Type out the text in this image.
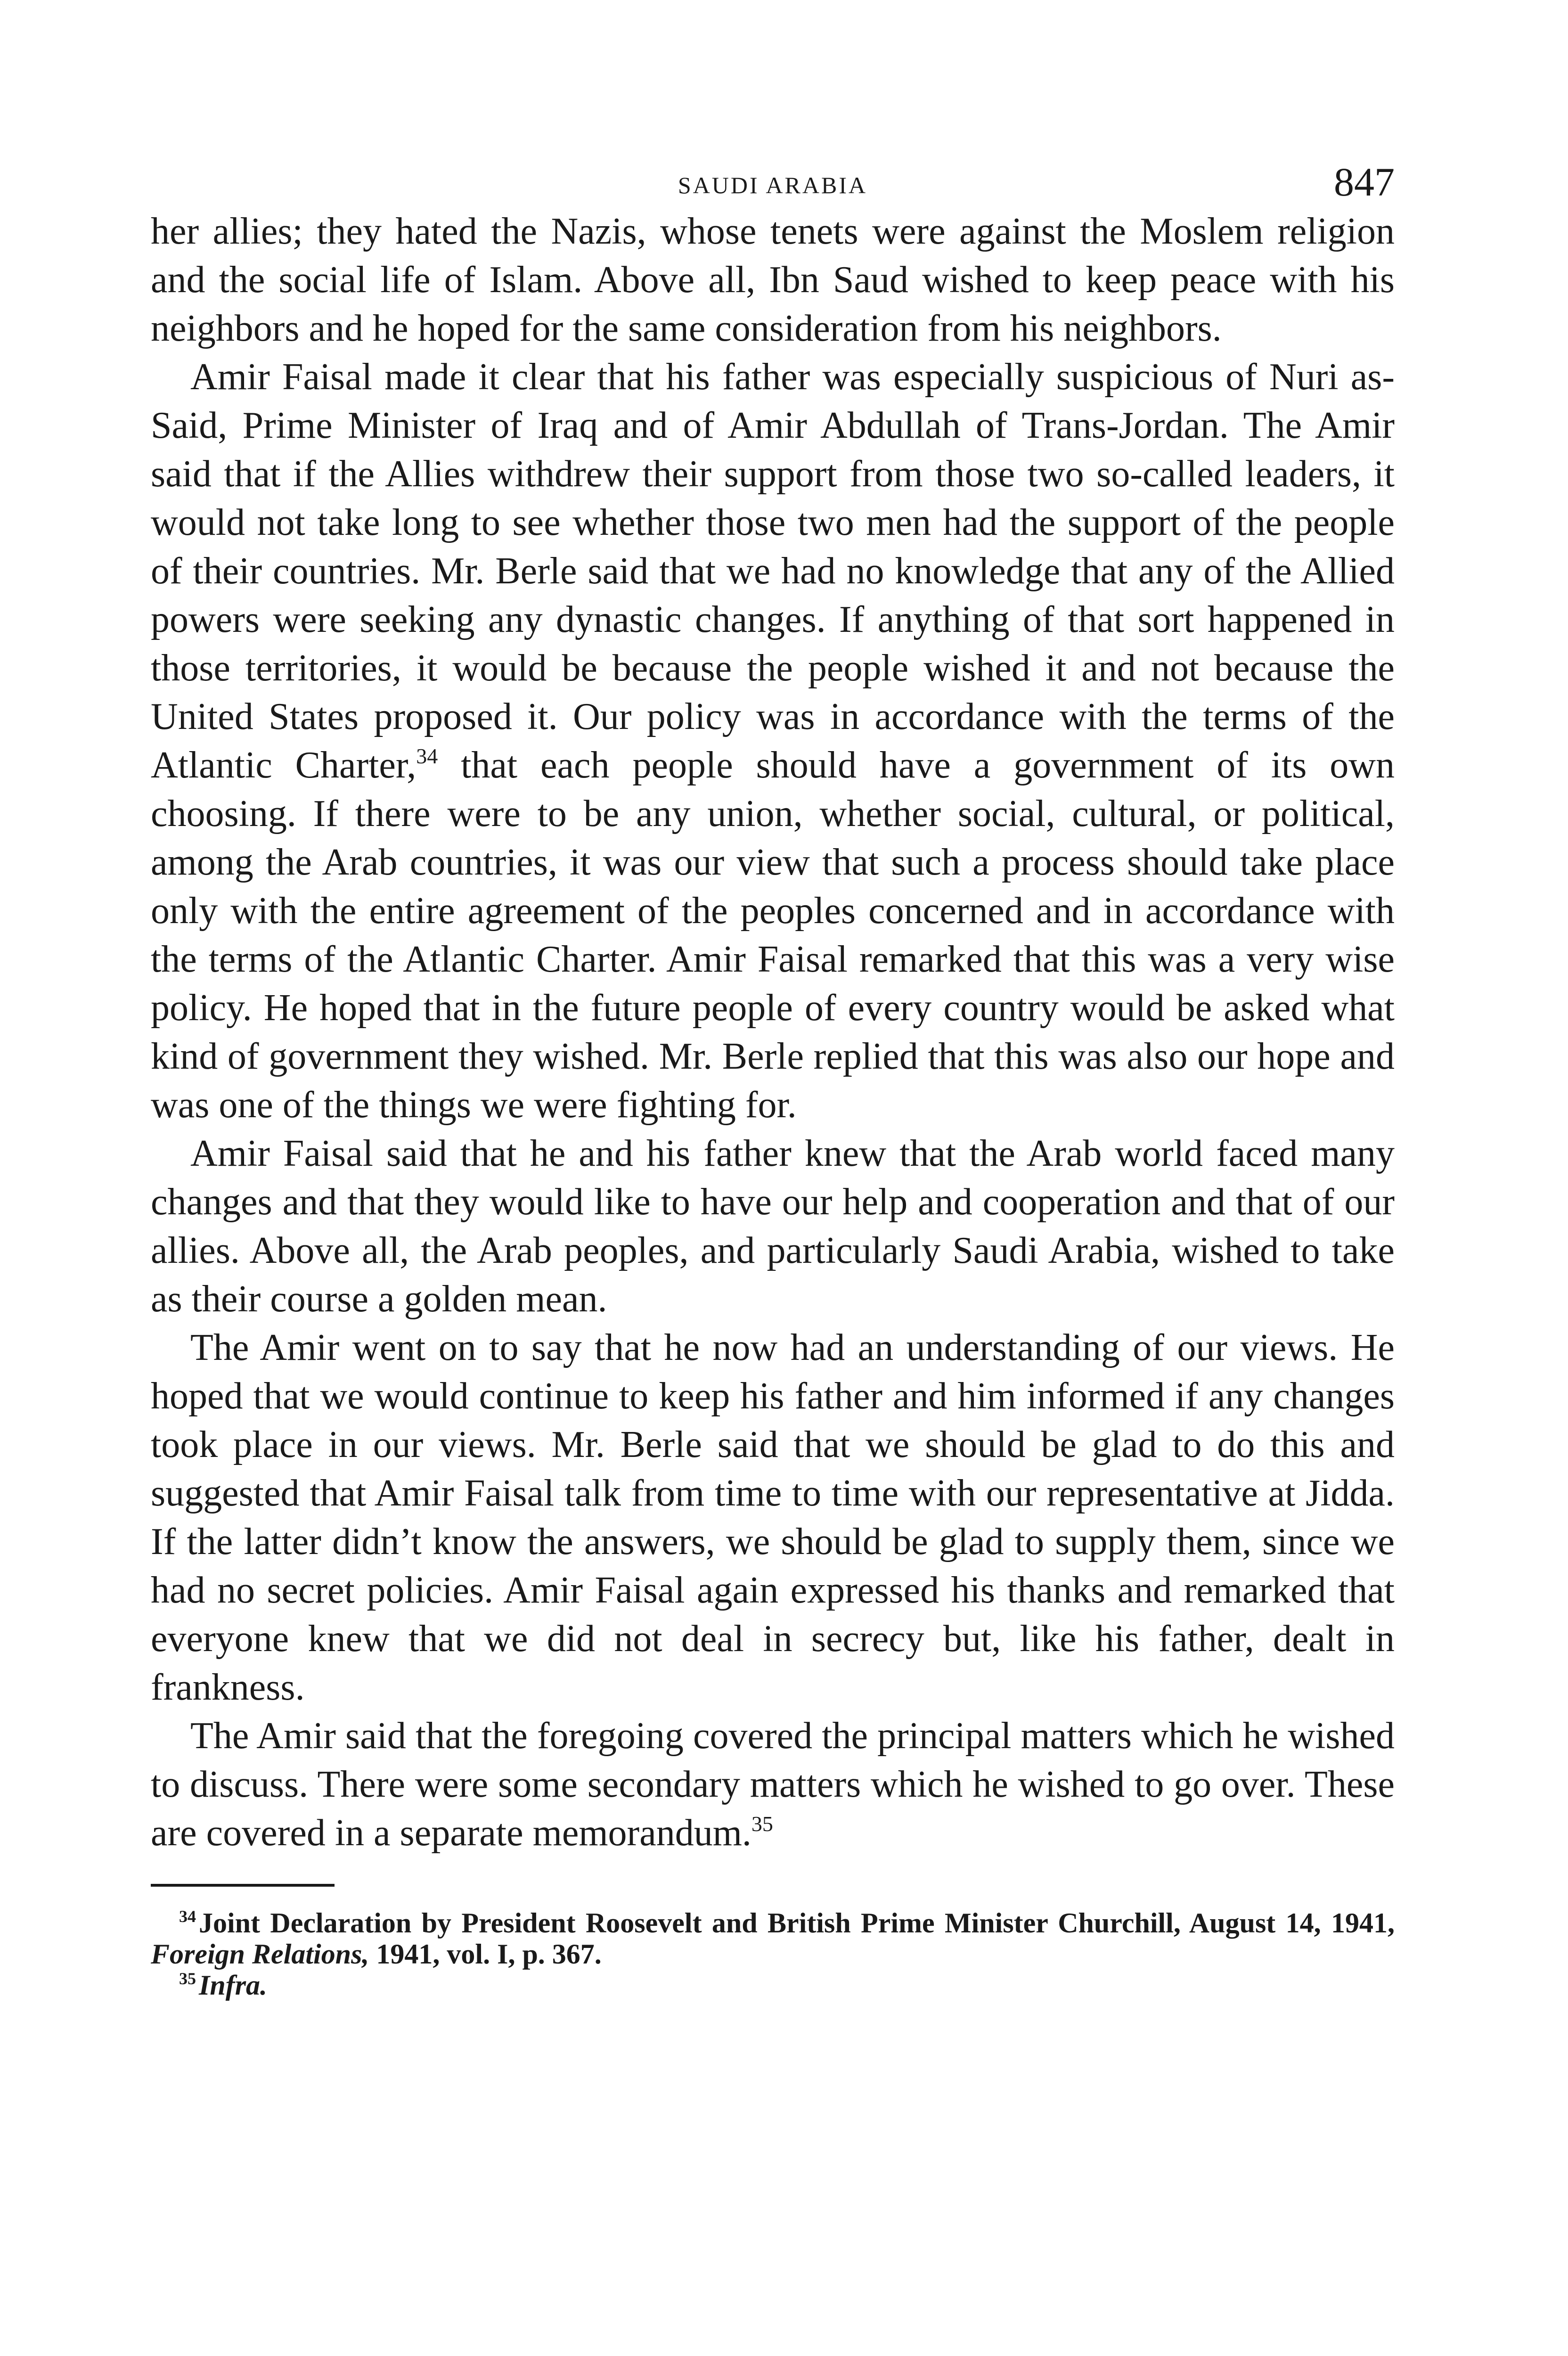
SAUDI ARABIA	847

her allies; they hated the Nazis, whose tenets were against the Moslem religion and the social life of Islam. Above all, Ibn Saud wished to keep peace with his neighbors and he hoped for the same consideration from his neighbors.

Amir Faisal made it clear that his father was especially suspicious of Nuri as-Said, Prime Minister of Iraq and of Amir Abdullah of Trans-Jordan. The Amir said that if the Allies withdrew their support from those two so-called leaders, it would not take long to see whether those two men had the support of the people of their countries. Mr. Berle said that we had no knowledge that any of the Allied powers were seeking any dynastic changes. If anything of that sort happened in those territories, it would be because the people wished it and not because the United States proposed it. Our policy was in accordance with the terms of the Atlantic Charter,$^{34}$ that each people should have a government of its own choosing. If there were to be any union, whether social, cultural, or political, among the Arab countries, it was our view that such a process should take place only with the entire agreement of the peoples concerned and in accordance with the terms of the Atlantic Charter. Amir Faisal remarked that this was a very wise policy. He hoped that in the future people of every country would be asked what kind of government they wished. Mr. Berle replied that this was also our hope and was one of the things we were fighting for.

Amir Faisal said that he and his father knew that the Arab world faced many changes and that they would like to have our help and cooperation and that of our allies. Above all, the Arab peoples, and particularly Saudi Arabia, wished to take as their course a golden mean.

The Amir went on to say that he now had an understanding of our views. He hoped that we would continue to keep his father and him informed if any changes took place in our views. Mr. Berle said that we should be glad to do this and suggested that Amir Faisal talk from time to time with our representative at Jidda. If the latter didn’t know the answers, we should be glad to supply them, since we had no secret policies. Amir Faisal again expressed his thanks and remarked that everyone knew that we did not deal in secrecy but, like his father, dealt in frankness.

The Amir said that the foregoing covered the principal matters which he wished to discuss. There were some secondary matters which he wished to go over. These are covered in a separate memorandum.$^{35}$

$^{34}$ Joint Declaration by President Roosevelt and British Prime Minister Churchill, August 14, 1941, Foreign Relations, 1941, vol. I, p. 367.

$^{35}$ Infra.
